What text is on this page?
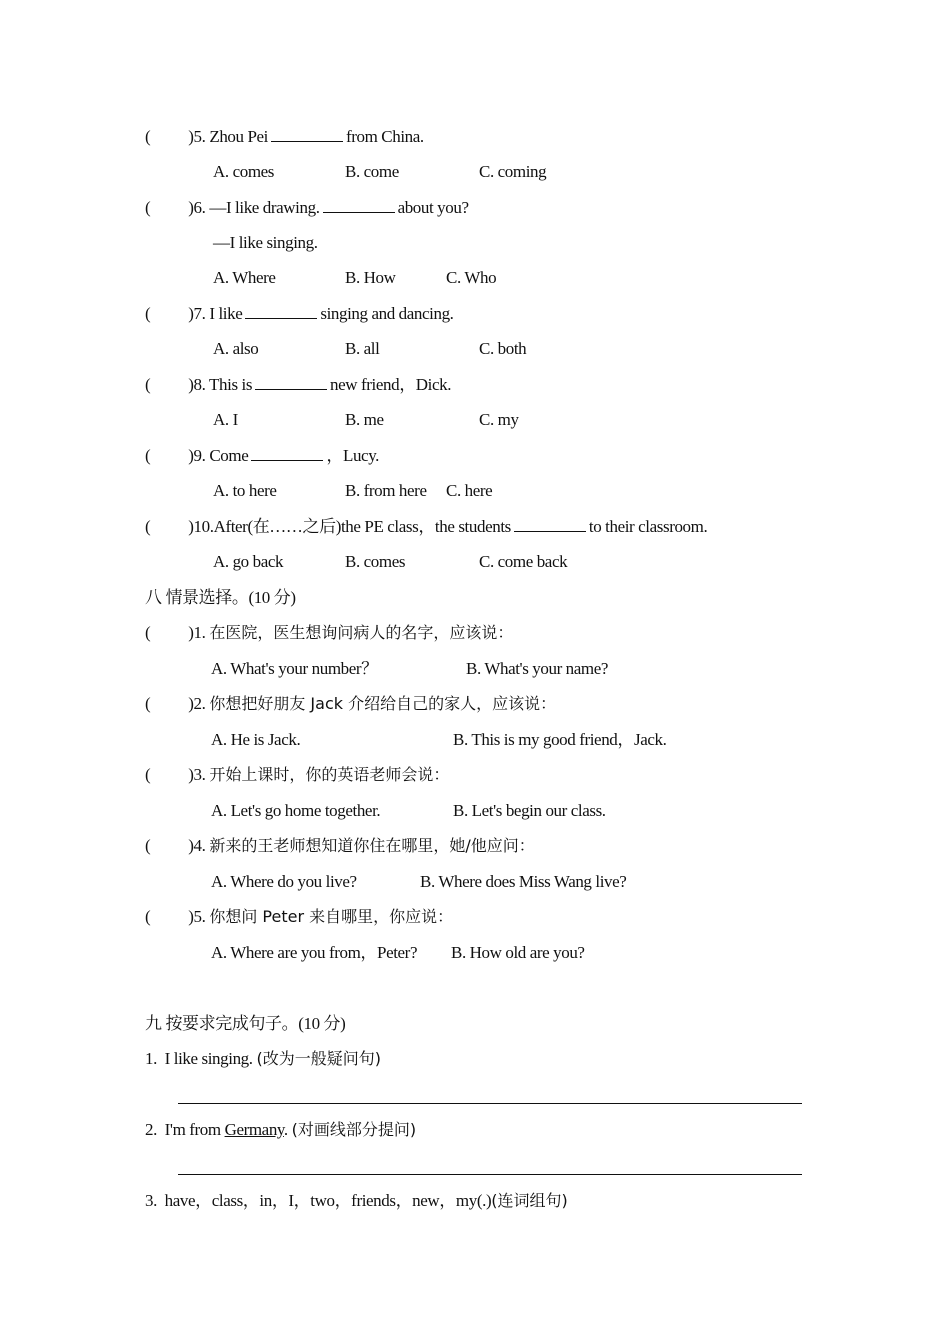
( )5. Zhou Pei	from China.
A. comes	B. come	C. coming
( )6. —I like drawing.	about you?
—I like singing.
A. Where	B. How	C. Who
( )7. I like	singing and dancing.
A. also	B. all	C. both
( )8. This is	new friend，Dick.
A. I	B. me	C. my
( )9. Come	，Lucy.
A. to here	B. from here C. here
( )10.After(在……之后)the PE class，the students	to their classroom.
A. go back	B. comes	C. come back
八 情景选择。(10 分)
( )1. 在医院，医生想询问病人的名字，应该说：
A. What's your number？	B. What's your name?
( )2. 你想把好朋友 Jack 介绍给自己的家人，应该说：
A. He is Jack.	B. This is my good friend，Jack.
( )3. 开始上课时，你的英语老师会说：
A. Let's go home together.	B. Let's begin our class.
( )4. 新来的王老师想知道你住在哪里，她/他应问：
A. Where do you live?	B. Where does Miss Wang live?
( )5. 你想问 Peter 来自哪里，你应说：
A. Where are you from，Peter? B. How old are you?
九 按要求完成句子。(10 分)
1. I like singing. (改为一般疑问句)
2. I'm from Germany. (对画线部分提问)
3. have，class，in，I，two，friends，new，my(.)(连词组句)
